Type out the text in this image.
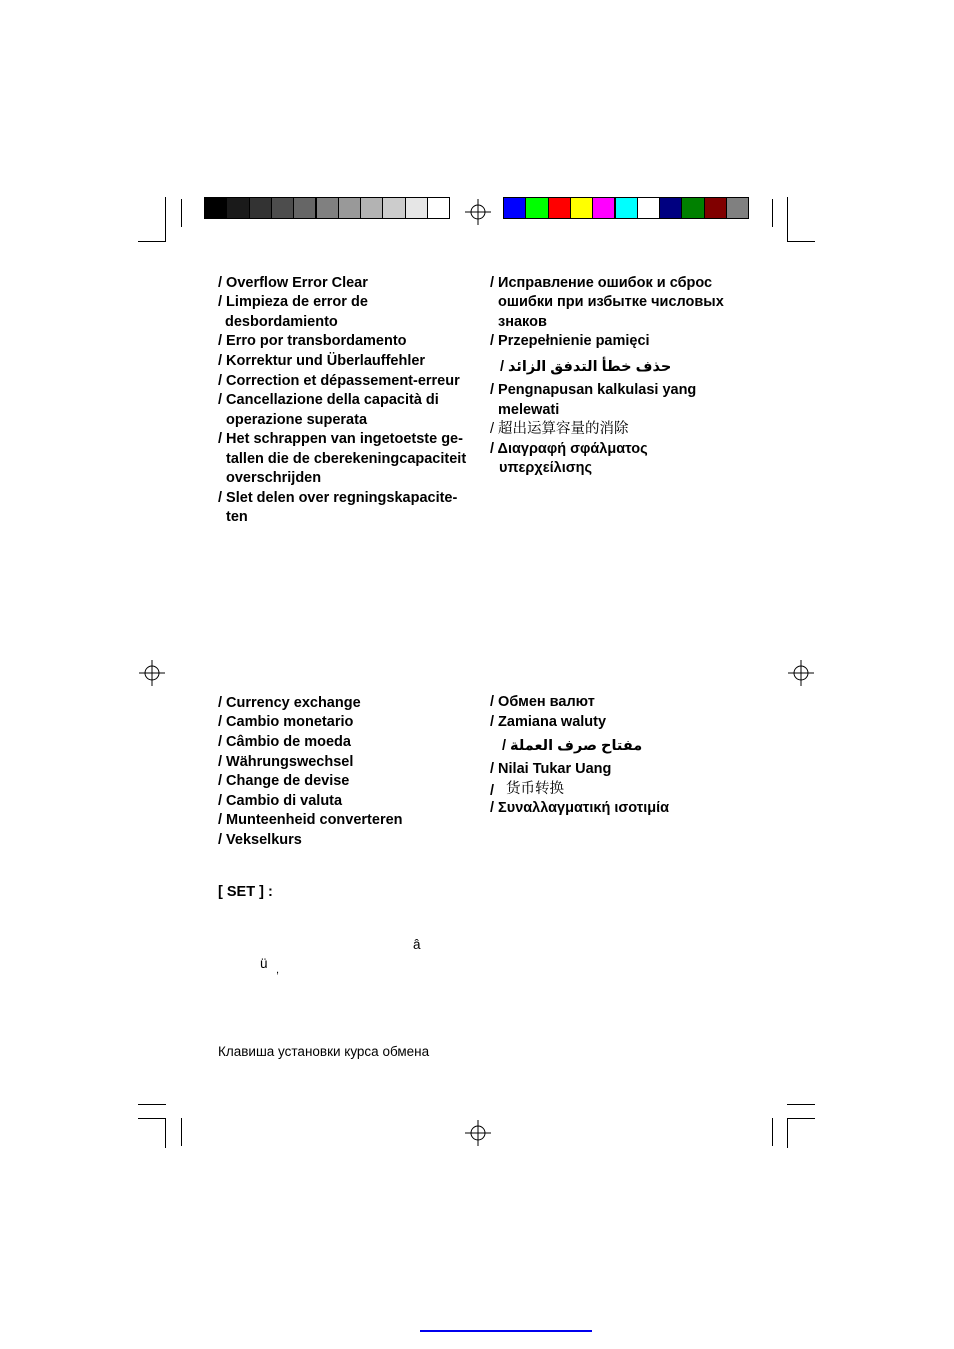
/ Overflow Error Clear
/ Limpieza de error de
desbordamiento
/ Erro por transbordamento
/ Korrektur und Überlauffehler
/ Correction et dépassement-erreur
/ Cancellazione della capacità di
operazione superata
/ Het schrappen van ingetoetste ge-
tallen die de cberekeningcapaciteit
overschrijden
/ Slet delen over regningskapacite-
ten
/ Исправление ошибок и сброс
ошибки при избытке числовых
знаков
/ Przepełnienie pamięci
حذف خطأ التدفق الزائد /
/ Pengnapusan kalkulasi yang
melewati
/ 超出运算容量的消除
/ Διαγραφή σφάλματος
υπερχείλισης
/ Currency exchange
/ Cambio monetario
/ Câmbio de moeda
/ Währungswechsel
/ Change de devise
/ Cambio di valuta
/ Munteenheid converteren
/ Vekselkurs
/ Обмен валют
/ Zamiana waluty
مفتاح صرف العملة /
/ Nilai Tukar Uang
/ 货币转换
/ Συναλλαγματική ισοτιμία
[ SET ] :
â
ü ,
Клавиша установки курса обмена
